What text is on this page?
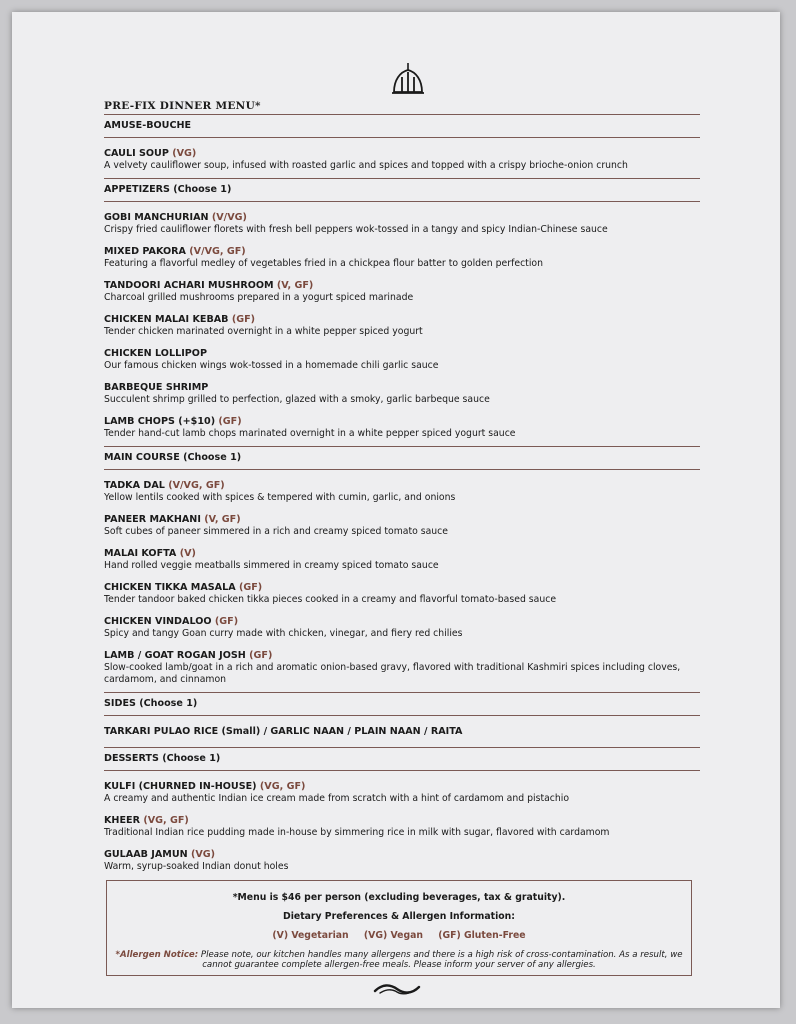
PRE-FIX DINNER MENU*
AMUSE-BOUCHE
CAULI SOUP (VG)
A velvety cauliflower soup, infused with roasted garlic and spices and topped with a crispy brioche-onion crunch
APPETIZERS (Choose 1)
GOBI MANCHURIAN (V/VG)
Crispy fried cauliflower florets with fresh bell peppers wok-tossed in a tangy and spicy Indian-Chinese sauce
MIXED PAKORA (V/VG, GF)
Featuring a flavorful medley of vegetables fried in a chickpea flour batter to golden perfection
TANDOORI ACHARI MUSHROOM (V, GF)
Charcoal grilled mushrooms prepared in a yogurt spiced marinade
CHICKEN MALAI KEBAB (GF)
Tender chicken marinated overnight in a white pepper spiced yogurt
CHICKEN LOLLIPOP
Our famous chicken wings wok-tossed in a homemade chili garlic sauce
BARBEQUE SHRIMP
Succulent shrimp grilled to perfection, glazed with a smoky, garlic barbeque sauce
LAMB CHOPS (+$10) (GF)
Tender hand-cut lamb chops marinated overnight in a white pepper spiced yogurt sauce
MAIN COURSE (Choose 1)
TADKA DAL (V/VG, GF)
Yellow lentils cooked with spices & tempered with cumin, garlic, and onions
PANEER MAKHANI (V, GF)
Soft cubes of paneer simmered in a rich and creamy spiced tomato sauce
MALAI KOFTA (V)
Hand rolled veggie meatballs simmered in creamy spiced tomato sauce
CHICKEN TIKKA MASALA (GF)
Tender tandoor baked chicken tikka pieces cooked in a creamy and flavorful tomato-based sauce
CHICKEN VINDALOO (GF)
Spicy and tangy Goan curry made with chicken, vinegar, and fiery red chilies
LAMB / GOAT ROGAN JOSH (GF)
Slow-cooked lamb/goat in a rich and aromatic onion-based gravy, flavored with traditional Kashmiri spices including cloves, cardamom, and cinnamon
SIDES (Choose 1)
TARKARI PULAO RICE (Small) / GARLIC NAAN / PLAIN NAAN / RAITA
DESSERTS (Choose 1)
KULFI (CHURNED IN-HOUSE) (VG, GF)
A creamy and authentic Indian ice cream made from scratch with a hint of cardamom and pistachio
KHEER (VG, GF)
Traditional Indian rice pudding made in-house by simmering rice in milk with sugar, flavored with cardamom
GULAAB JAMUN (VG)
Warm, syrup-soaked Indian donut holes
*Menu is $46 per person (excluding beverages, tax & gratuity).
Dietary Preferences & Allergen Information:
(V) Vegetarian (VG) Vegan (GF) Gluten-Free
*Allergen Notice: Please note, our kitchen handles many allergens and there is a high risk of cross-contamination. As a result, we cannot guarantee complete allergen-free meals. Please inform your server of any allergies.
